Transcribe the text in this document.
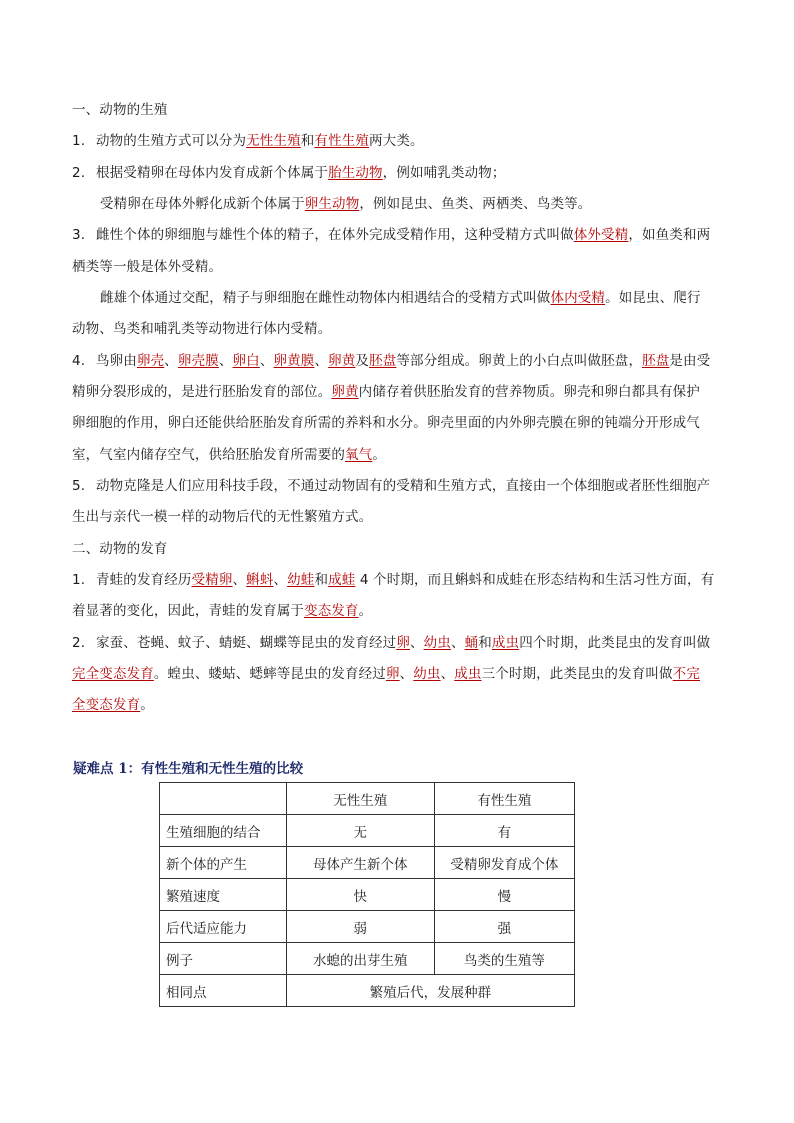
一、动物的生殖
1. 动物的生殖方式可以分为无性生殖和有性生殖两大类。
2. 根据受精卵在母体内发育成新个体属于胎生动物，例如哺乳类动物；
受精卵在母体外孵化成新个体属于卵生动物，例如昆虫、鱼类、两栖类、鸟类等。
3. 雌性个体的卵细胞与雄性个体的精子，在体外完成受精作用，这种受精方式叫做体外受精，如鱼类和两
栖类等一般是体外受精。
雌雄个体通过交配，精子与卵细胞在雌性动物体内相遇结合的受精方式叫做体内受精。如昆虫、爬行
动物、鸟类和哺乳类等动物进行体内受精。
4. 鸟卵由卵壳、卵壳膜、卵白、卵黄膜、卵黄及胚盘等部分组成。卵黄上的小白点叫做胚盘，胚盘是由受
精卵分裂形成的，是进行胚胎发育的部位。卵黄内储存着供胚胎发育的营养物质。卵壳和卵白都具有保护
卵细胞的作用，卵白还能供给胚胎发育所需的养料和水分。卵壳里面的内外卵壳膜在卵的钝端分开形成气
室，气室内储存空气，供给胚胎发育所需要的氧气。
5. 动物克隆是人们应用科技手段，不通过动物固有的受精和生殖方式，直接由一个体细胞或者胚性细胞产
生出与亲代一模一样的动物后代的无性繁殖方式。
二、动物的发育
1. 青蛙的发育经历受精卵、蝌蚪、幼蛙和成蛙 4 个时期，而且蝌蚪和成蛙在形态结构和生活习性方面，有
着显著的变化，因此，青蛙的发育属于变态发育。
2. 家蚕、苍蝇、蚊子、蜻蜓、蝴蝶等昆虫的发育经过卵、幼虫、蛹和成虫四个时期，此类昆虫的发育叫做
完全变态发育。蝗虫、蝼蛄、蟋蟀等昆虫的发育经过卵、幼虫、成虫三个时期，此类昆虫的发育叫做不完
全变态发育。
疑难点 1：有性生殖和无性生殖的比较
	无性生殖	有性生殖
生殖细胞的结合	无	有
新个体的产生	母体产生新个体	受精卵发育成个体
繁殖速度	快	慢
后代适应能力	弱	强
例子	水螅的出芽生殖	鸟类的生殖等
相同点	繁殖后代，发展种群	
